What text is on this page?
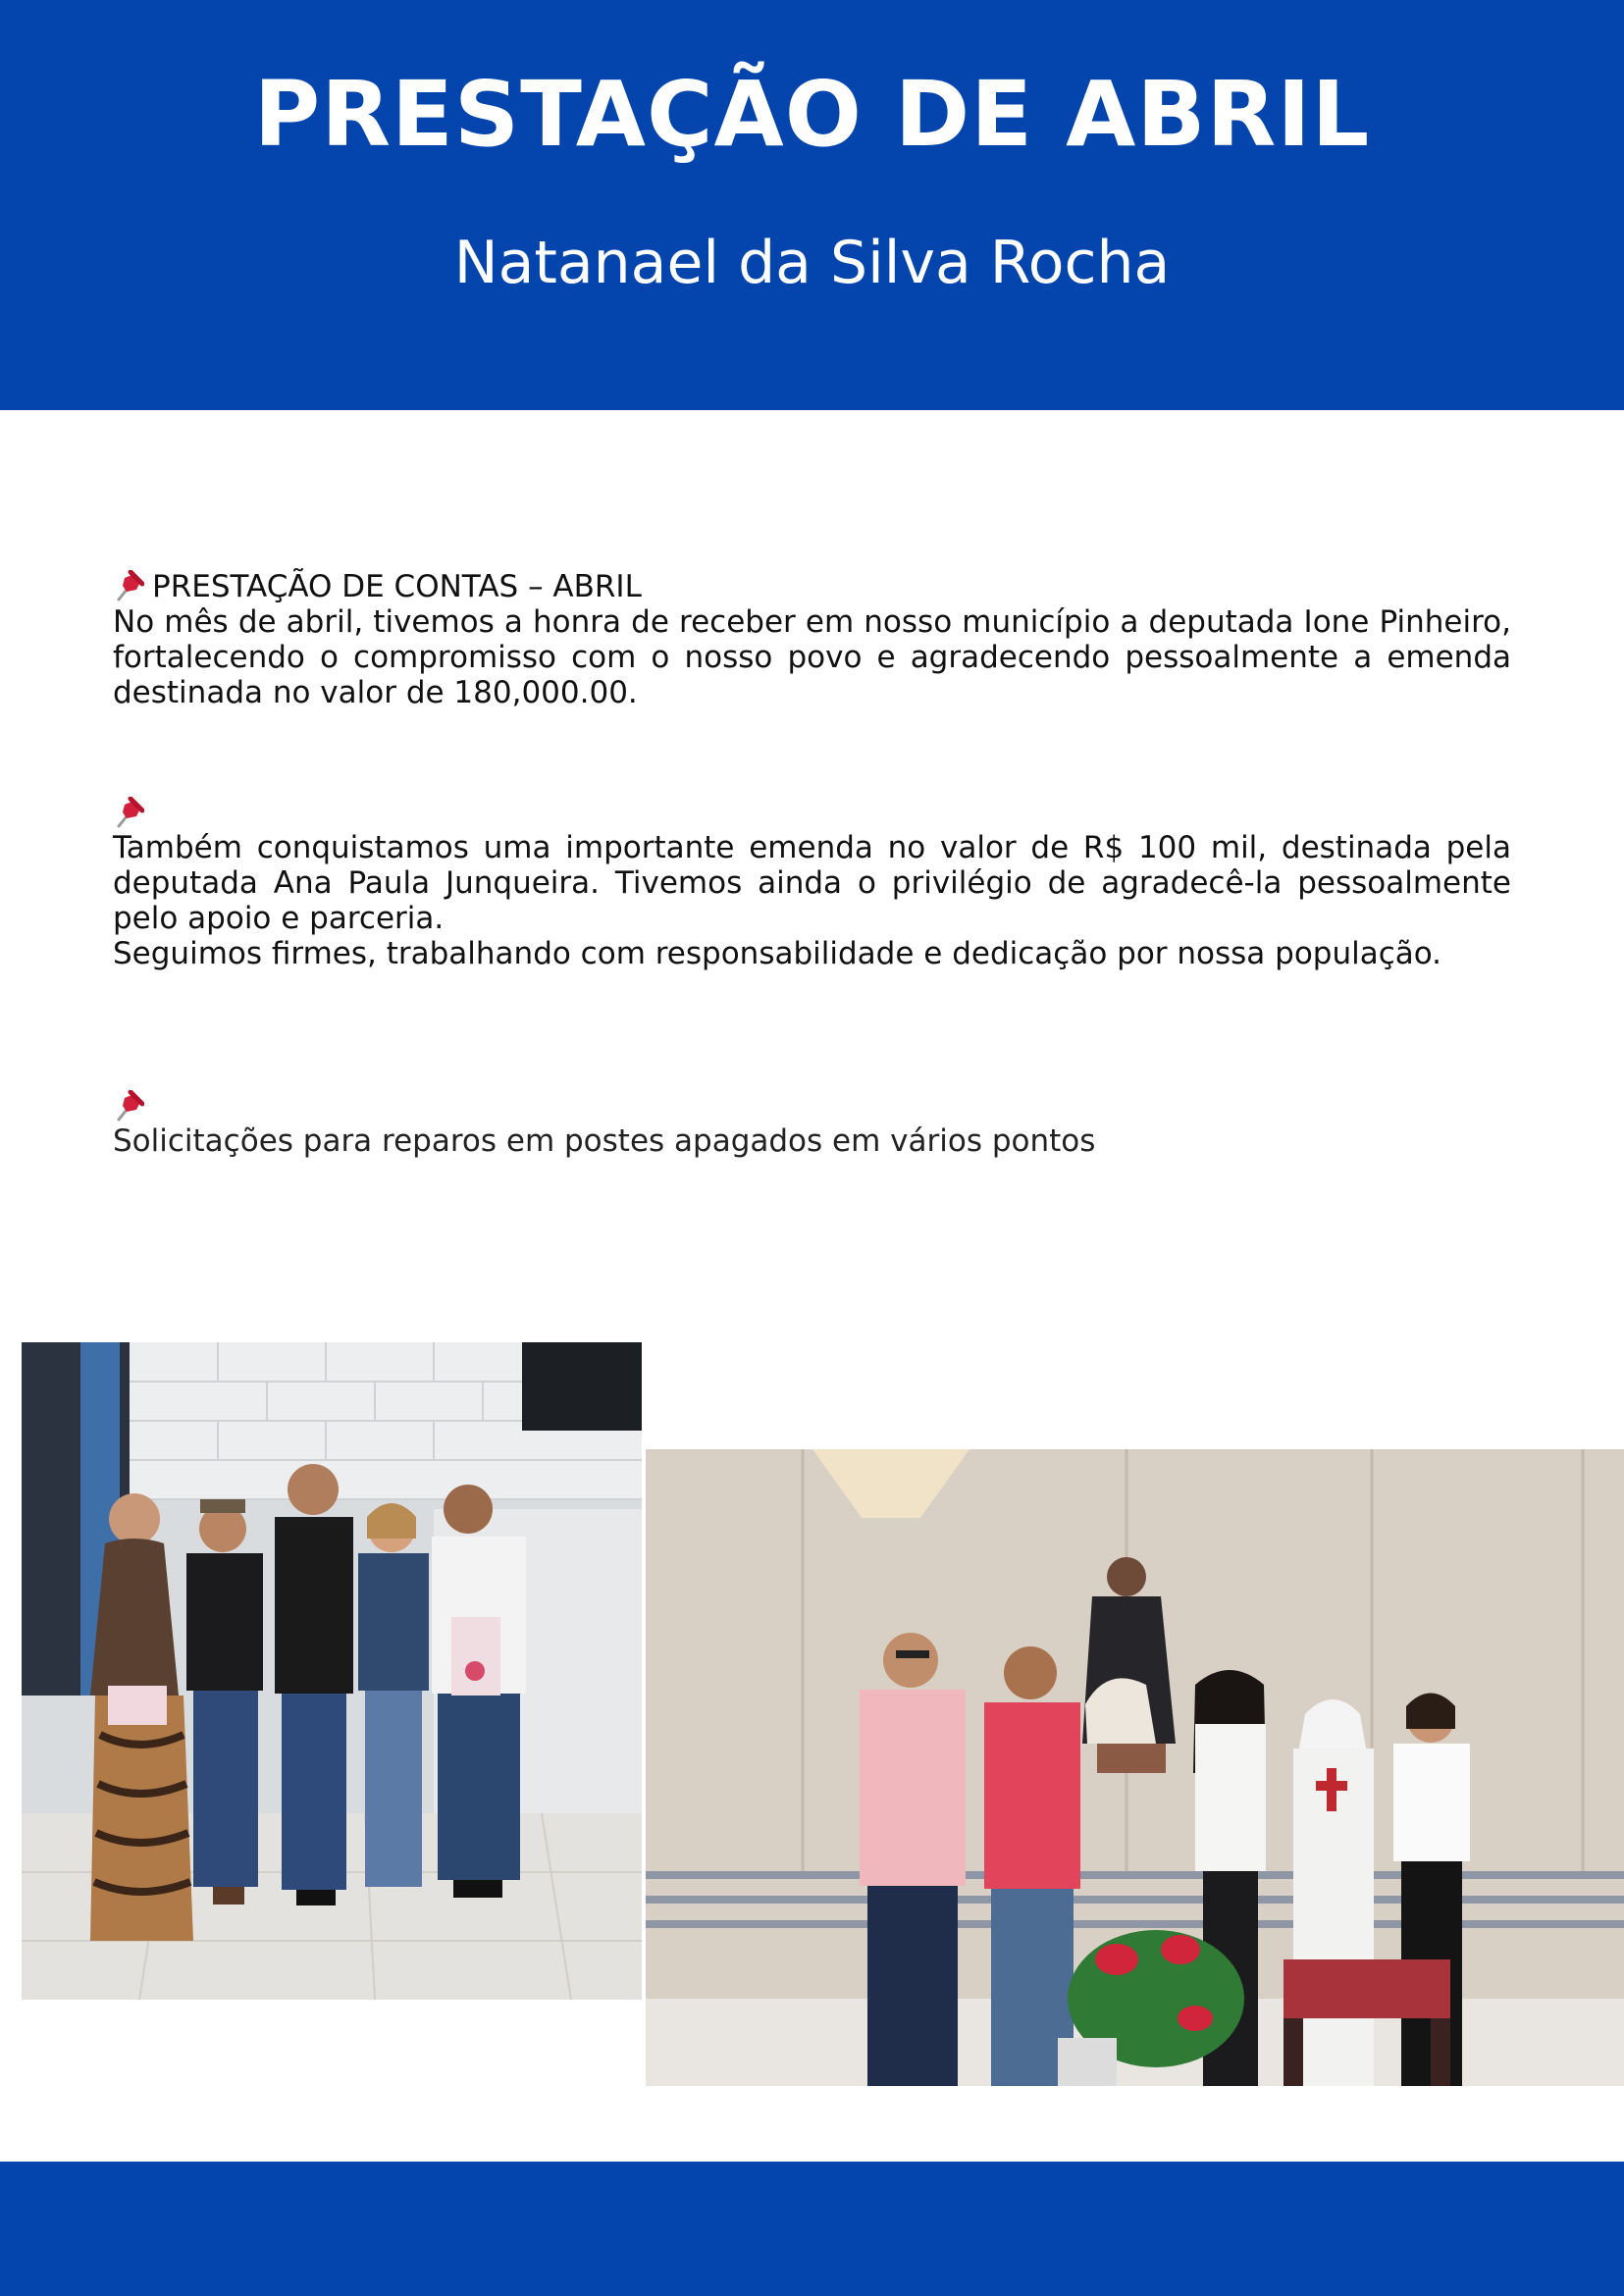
PRESTAÇÃO DE ABRIL
Natanael da Silva Rocha
PRESTAÇÃO DE CONTAS – ABRIL

No mês de abril, tivemos a honra de receber em nosso município a deputada Ione Pinheiro, fortalecendo o compromisso com o nosso povo e agradecendo pessoalmente a emenda destinada no valor de 180,000.00.

Também conquistamos uma importante emenda no valor de R$ 100 mil, destinada pela deputada Ana Paula Junqueira. Tivemos ainda o privilégio de agradecê-la pessoalmente pelo apoio e parceria.

Seguimos firmes, trabalhando com responsabilidade e dedicação por nossa população.

Solicitações para reparos em postes apagados em vários pontos
